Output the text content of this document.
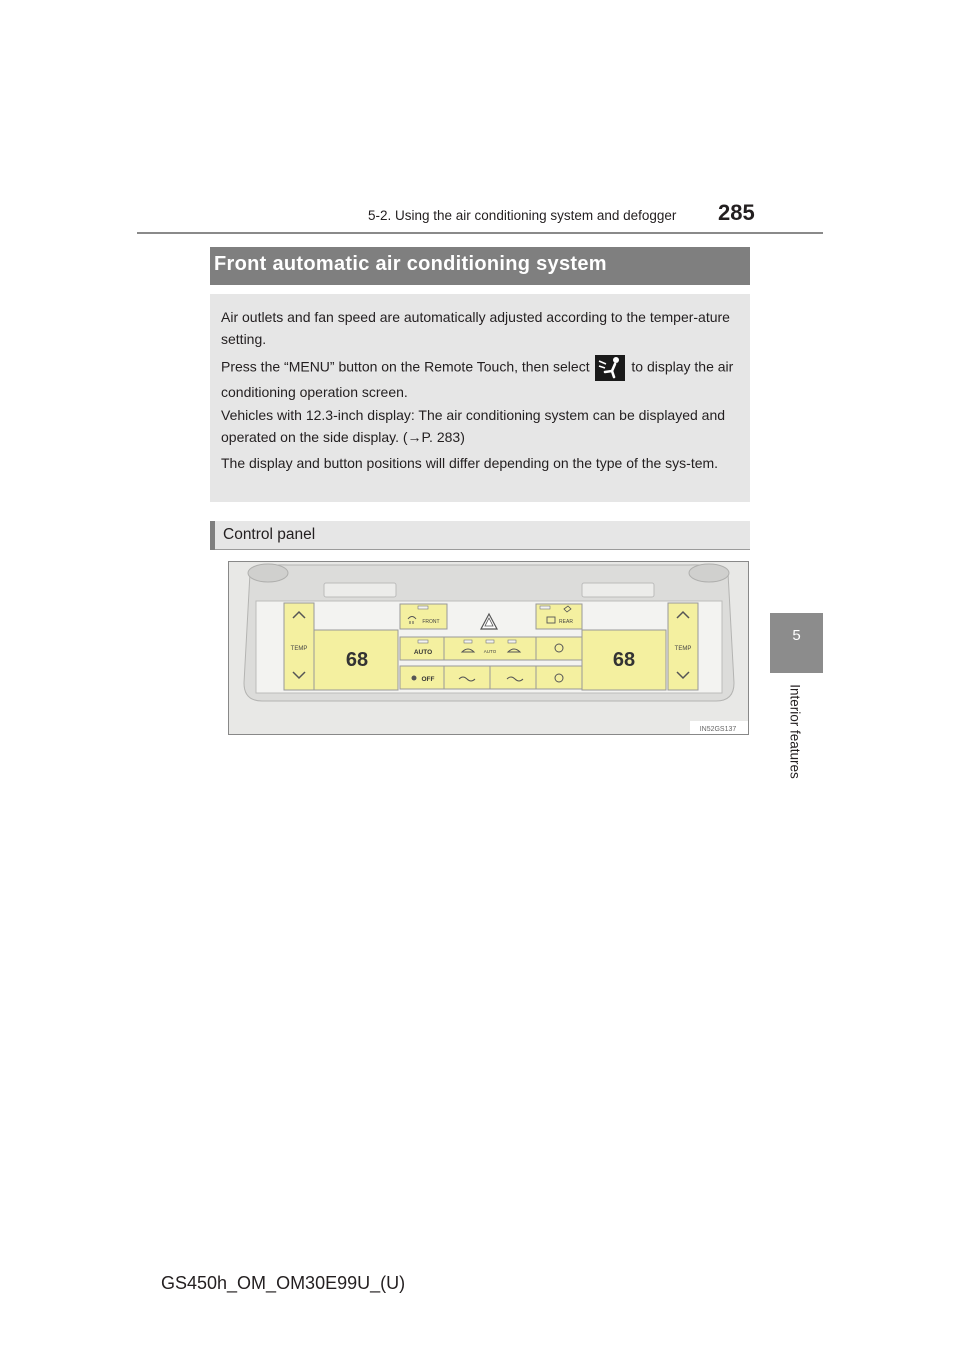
5-2. Using the air conditioning system and defogger 285
5
Interior features
Front automatic air conditioning system

Air outlets and fan speed are automatically adjusted according to the temper-ature setting.

Press the “MENU” button on the Remote Touch, then select	to display the air conditioning operation screen.

Vehicles with 12.3-inch display: The air conditioning system can be displayed and operated on the side display. (→P. 283)

The display and button positions will differ depending on the type of the sys-tem.

Control panel
TEMP 68
FRONT	REAR
AUTO	AUTO
OFF
68	TEMP
IN52GS137
GS450h_OM_OM30E99U_(U)
